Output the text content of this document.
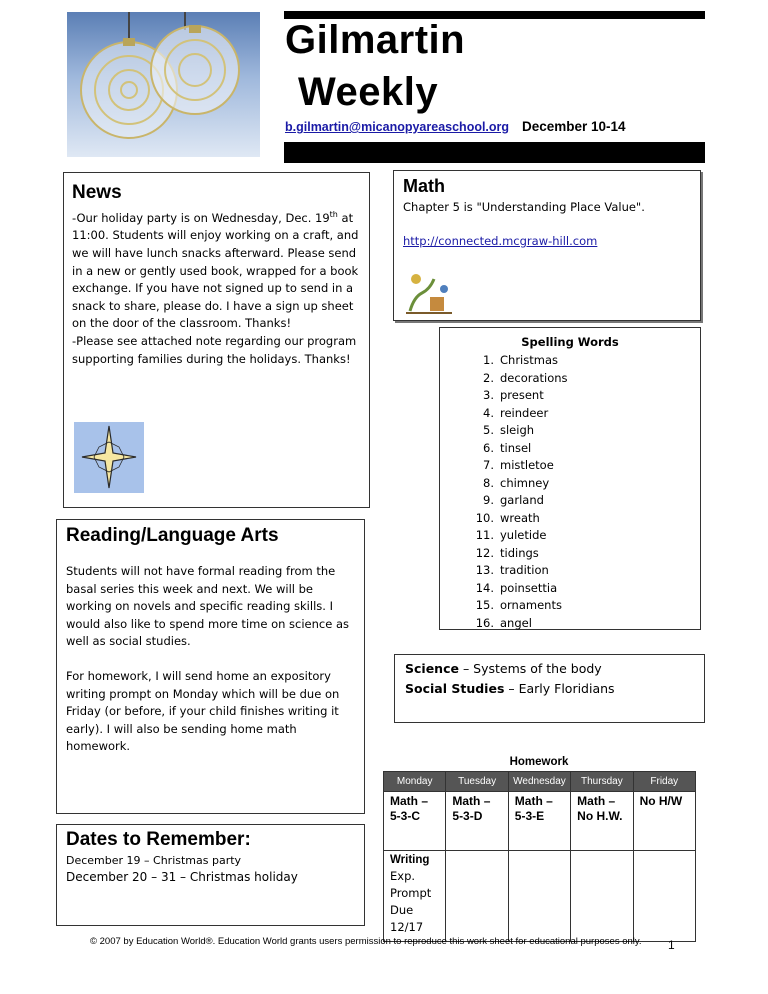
Gilmartin
Weekly
b.gilmartin@micanopyareaschool.org December 10-14
News
-Our holiday party is on Wednesday, Dec. 19th at 11:00. Students will enjoy working on a craft, and we will have lunch snacks afterward. Please send in a new or gently used book, wrapped for a book exchange. If you have not signed up to send in a snack to share, please do. I have a sign up sheet on the door of the classroom. Thanks!
-Please see attached note regarding our program supporting families during the holidays. Thanks!
Math
Chapter 5 is "Understanding Place Value".
http://connected.mcgraw-hill.com
Spelling Words
1. Christmas
2. decorations
3. present
4. reindeer
5. sleigh
6. tinsel
7. mistletoe
8. chimney
9. garland
10. wreath
11. yuletide
12. tidings
13. tradition
14. poinsettia
15. ornaments
16. angel
Science – Systems of the body
Social Studies – Early Floridians
Reading/Language Arts
Students will not have formal reading from the basal series this week and next. We will be working on novels and specific reading skills. I would also like to spend more time on science as well as social studies.
For homework, I will send home an expository writing prompt on Monday which will be due on Friday (or before, if your child finishes writing it early). I will also be sending home math homework.
Dates to Remember:
December 19 – Christmas party
December 20 – 31 – Christmas holiday
Homework
Monday	Tuesday	Wednesday	Thursday	Friday
Math – 5-3-C	Math – 5-3-D	Math – 5-3-E	Math – No H.W.	No H/W

Writing
Exp. Prompt Due 12/17				

© 2007 by Education World®. Education World grants users permission to reproduce this work sheet for educational purposes only. 1
